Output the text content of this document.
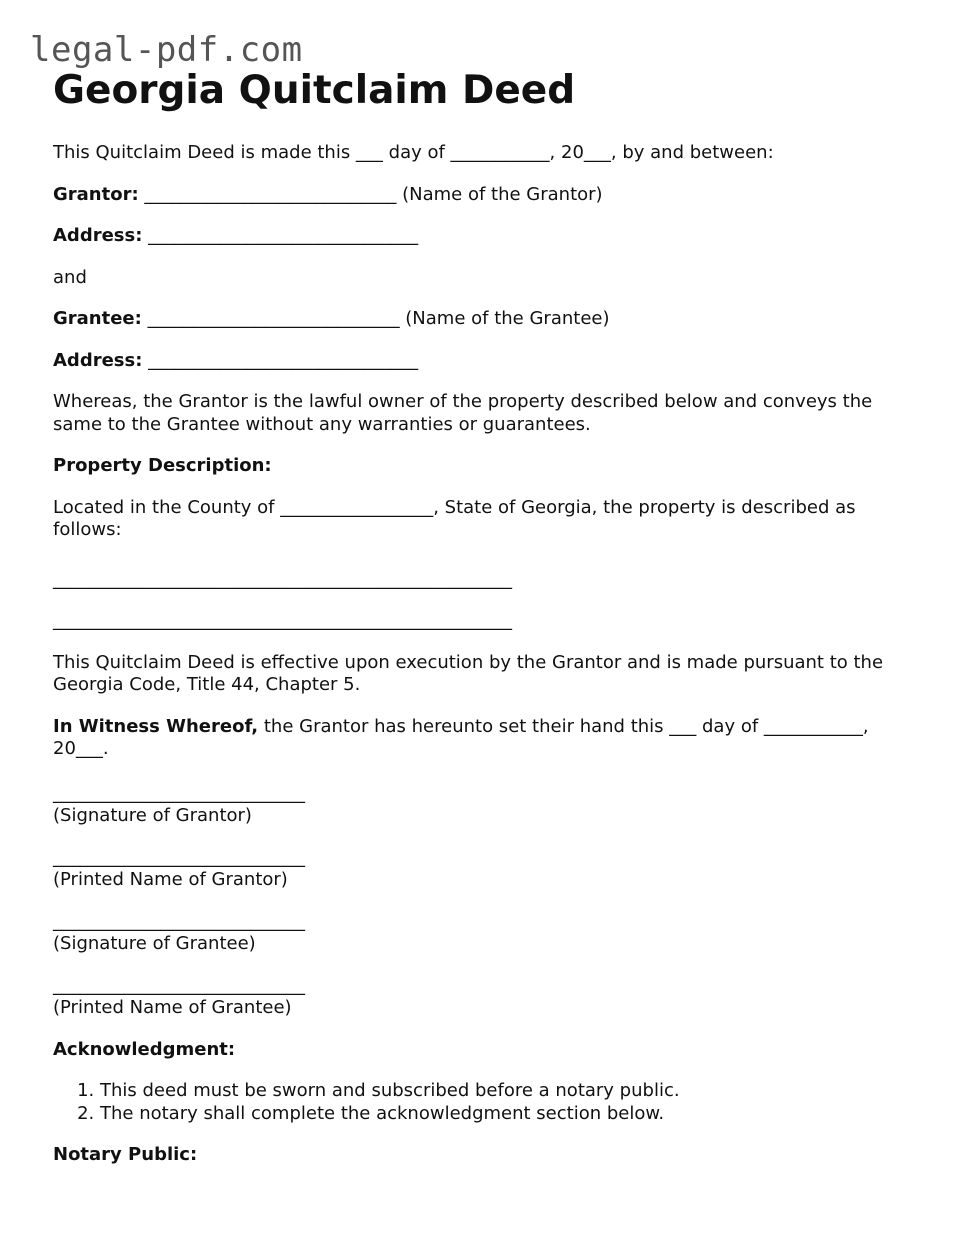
legal-pdf.com
Georgia Quitclaim Deed

This Quitclaim Deed is made this ___ day of ___________, 20___, by and between:

Grantor: ____________________________ (Name of the Grantor)

Address: ______________________________

and

Grantee: ____________________________ (Name of the Grantee)

Address: ______________________________

Whereas, the Grantor is the lawful owner of the property described below and conveys the same to the Grantee without any warranties or guarantees.

Property Description:

Located in the County of _________________, State of Georgia, the property is described as follows:

___________________________________________________
___________________________________________________

This Quitclaim Deed is effective upon execution by the Grantor and is made pursuant to the Georgia Code, Title 44, Chapter 5.

In Witness Whereof, the Grantor has hereunto set their hand this ___ day of ___________, 20___.

____________________________
(Signature of Grantor)
____________________________
(Printed Name of Grantor)
____________________________
(Signature of Grantee)
____________________________
(Printed Name of Grantee)

Acknowledgment:

1. This deed must be sworn and subscribed before a notary public.
2. The notary shall complete the acknowledgment section below.

Notary Public:
